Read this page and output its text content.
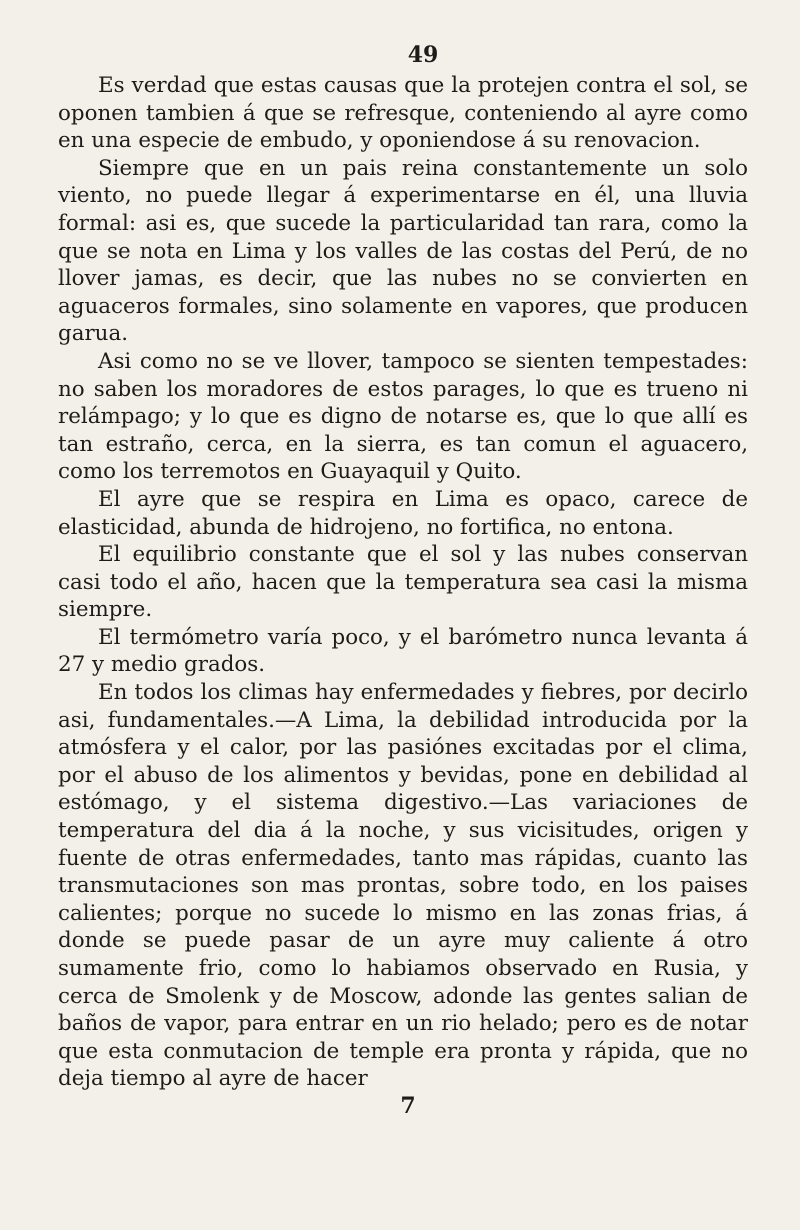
49

Es verdad que estas causas que la protejen contra el sol, se oponen tambien á que se refresque, conteniendo al ayre como en una especie de embudo, y oponiendose á su renovacion.

Siempre que en un pais reina constantemente un solo viento, no puede llegar á experimentarse en él, una lluvia formal: asi es, que sucede la particularidad tan rara, como la que se nota en Lima y los valles de las costas del Perú, de no llover jamas, es decir, que las nubes no se convierten en aguaceros formales, sino solamente en vapores, que producen garua.

Asi como no se ve llover, tampoco se sienten tempestades: no saben los moradores de estos parages, lo que es trueno ni relámpago; y lo que es digno de notarse es, que lo que allí es tan estraño, cerca, en la sierra, es tan comun el aguacero, como los terremotos en Guayaquil y Quito.

El ayre que se respira en Lima es opaco, carece de elasticidad, abunda de hidrojeno, no fortifica, no entona.

El equilibrio constante que el sol y las nubes conservan casi todo el año, hacen que la temperatura sea casi la misma siempre.

El termómetro varía poco, y el barómetro nunca levanta á 27 y medio grados.

En todos los climas hay enfermedades y fiebres, por decirlo asi, fundamentales.—A Lima, la debilidad introducida por la atmósfera y el calor, por las pasiónes excitadas por el clima, por el abuso de los alimentos y bevidas, pone en debilidad al estómago, y el sistema digestivo.—Las variaciones de temperatura del dia á la noche, y sus vicisitudes, origen y fuente de otras enfermedades, tanto mas rápidas, cuanto las transmutaciones son mas prontas, sobre todo, en los paises calientes; porque no sucede lo mismo en las zonas frias, á donde se puede pasar de un ayre muy caliente á otro sumamente frio, como lo habiamos observado en Rusia, y cerca de Smolenk y de Moscow, adonde las gentes salian de baños de vapor, para entrar en un rio helado; pero es de notar que esta conmutacion de temple era pronta y rápida, que no deja tiempo al ayre de hacer

7
